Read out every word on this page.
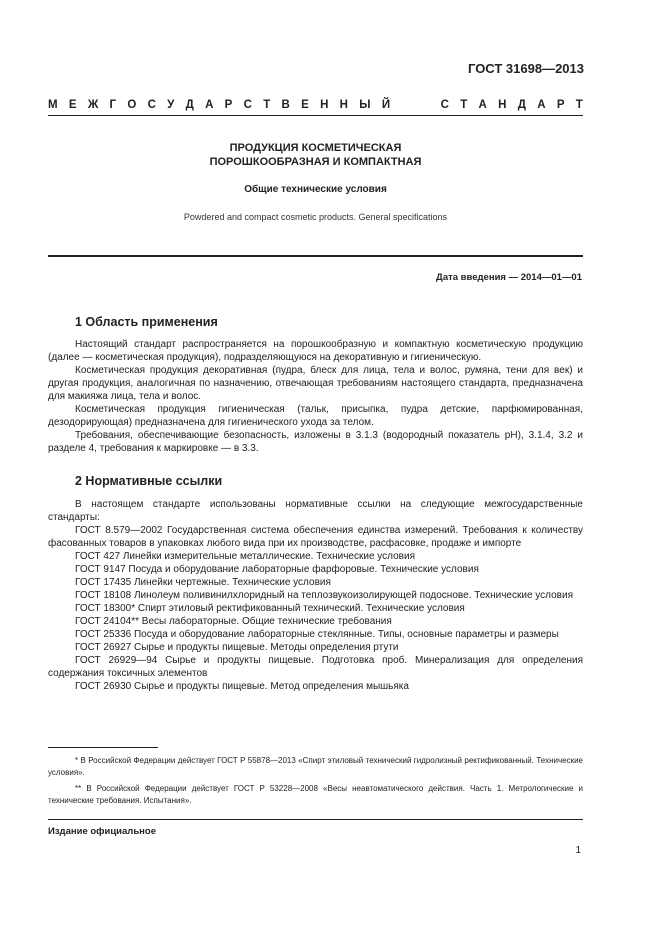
ГОСТ 31698—2013
М Е Ж Г О С У Д А Р С Т В Е Н Н Ы Й	С Т А Н Д А Р Т
ПРОДУКЦИЯ КОСМЕТИЧЕСКАЯ
ПОРОШКООБРАЗНАЯ И КОМПАКТНАЯ
Общие технические условия
Powdered and compact cosmetic products. General specifications
Дата введения — 2014—01—01
1 Область применения

Настоящий стандарт распространяется на порошкообразную и компактную косметическую продукцию (далее — косметическая продукция), подразделяющуюся на декоративную и гигиеническую.

Косметическая продукция декоративная (пудра, блеск для лица, тела и волос, румяна, тени для век) и другая продукция, аналогичная по назначению, отвечающая требованиям настоящего стандарта, предназначена для макияжа лица, тела и волос.

Косметическая продукция гигиеническая (тальк, присыпка, пудра детские, парфюмированная, дезодорирующая) предназначена для гигиенического ухода за телом.

Требования, обеспечивающие безопасность, изложены в 3.1.3 (водородный показатель рН), 3.1.4, 3.2 и разделе 4, требования к маркировке — в 3.3.

2 Нормативные ссылки

В настоящем стандарте использованы нормативные ссылки на следующие межгосударственные стандарты:

ГОСТ 8.579—2002 Государственная система обеспечения единства измерений. Требования к количеству фасованных товаров в упаковках любого вида при их производстве, расфасовке, продаже и импорте

ГОСТ 427 Линейки измерительные металлические. Технические условия

ГОСТ 9147 Посуда и оборудование лабораторные фарфоровые. Технические условия

ГОСТ 17435 Линейки чертежные. Технические условия

ГОСТ 18108 Линолеум поливинилхлоридный на теплозвукоизолирующей подоснове. Технические условия

ГОСТ 18300* Спирт этиловый ректификованный технический. Технические условия

ГОСТ 24104** Весы лабораторные. Общие технические требования

ГОСТ 25336 Посуда и оборудование лабораторные стеклянные. Типы, основные параметры и размеры

ГОСТ 26927 Сырье и продукты пищевые. Методы определения ртути

ГОСТ 26929—94 Сырье и продукты пищевые. Подготовка проб. Минерализация для определения содержания токсичных элементов

ГОСТ 26930 Сырье и продукты пищевые. Метод определения мышьяка

* В Российской Федерации действует ГОСТ Р 55878—2013 «Спирт этиловый технический гидролизный ректификованный. Технические условия».

** В Российской Федерации действует ГОСТ Р 53228—2008 «Весы неавтоматического действия. Часть 1. Метрологические и технические требования. Испытания».

Издание официальное
1
